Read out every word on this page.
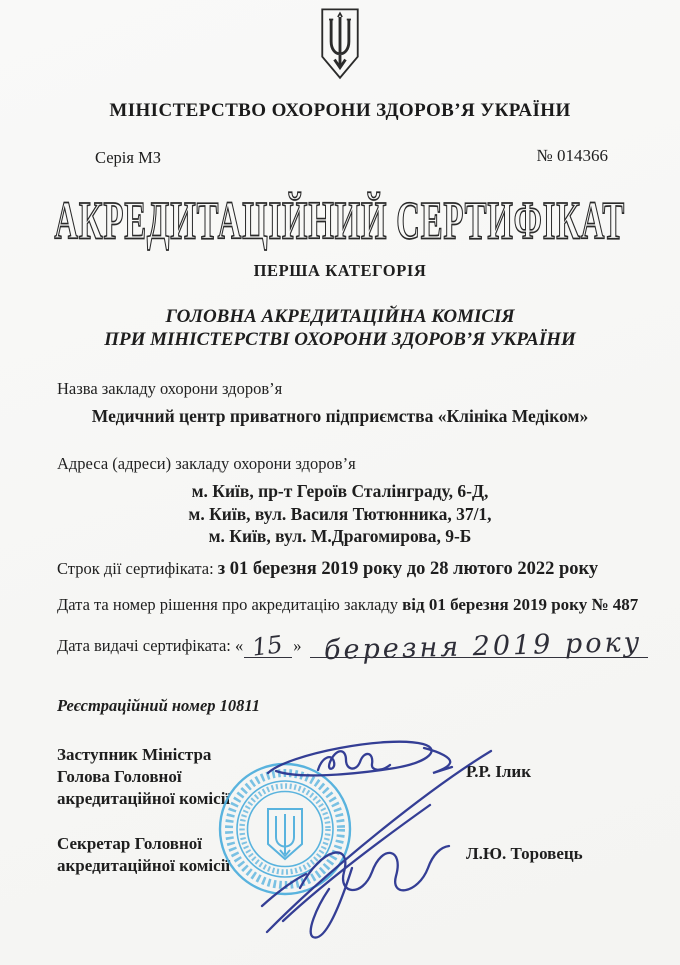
МІНІСТЕРСТВО ОХОРОНИ ЗДОРОВ’Я УКРАЇНИ
Серія МЗ	№ 014366
АКРЕДИТАЦІЙНИЙ СЕРТИФІКАТ
ПЕРША КАТЕГОРІЯ
ГОЛОВНА АКРЕДИТАЦІЙНА КОМІСІЯ
ПРИ МІНІСТЕРСТВІ ОХОРОНИ ЗДОРОВ’Я УКРАЇНИ
Назва закладу охорони здоров’я
Медичний центр приватного підприємства «Клініка Медіком»
Адреса (адреси) закладу охорони здоров’я
м. Київ, пр-т Героїв Сталінграду, 6-Д,
м. Київ, вул. Василя Тютюнника, 37/1,
м. Київ, вул. М.Драгомирова, 9-Б
Строк дії сертифіката: з 01 березня 2019 року до 28 лютого 2022 року
Дата та номер рішення про акредитацію закладу від 01 березня 2019 року № 487
Дата видачі сертифіката: « 15 » березня 2019 року
Реєстраційний номер 10811
Заступник Міністра
Голова Головної
акредитаційної комісії
Р.Р. Ілик
Секретар Головної
акредитаційної комісії
Л.Ю. Торовець
